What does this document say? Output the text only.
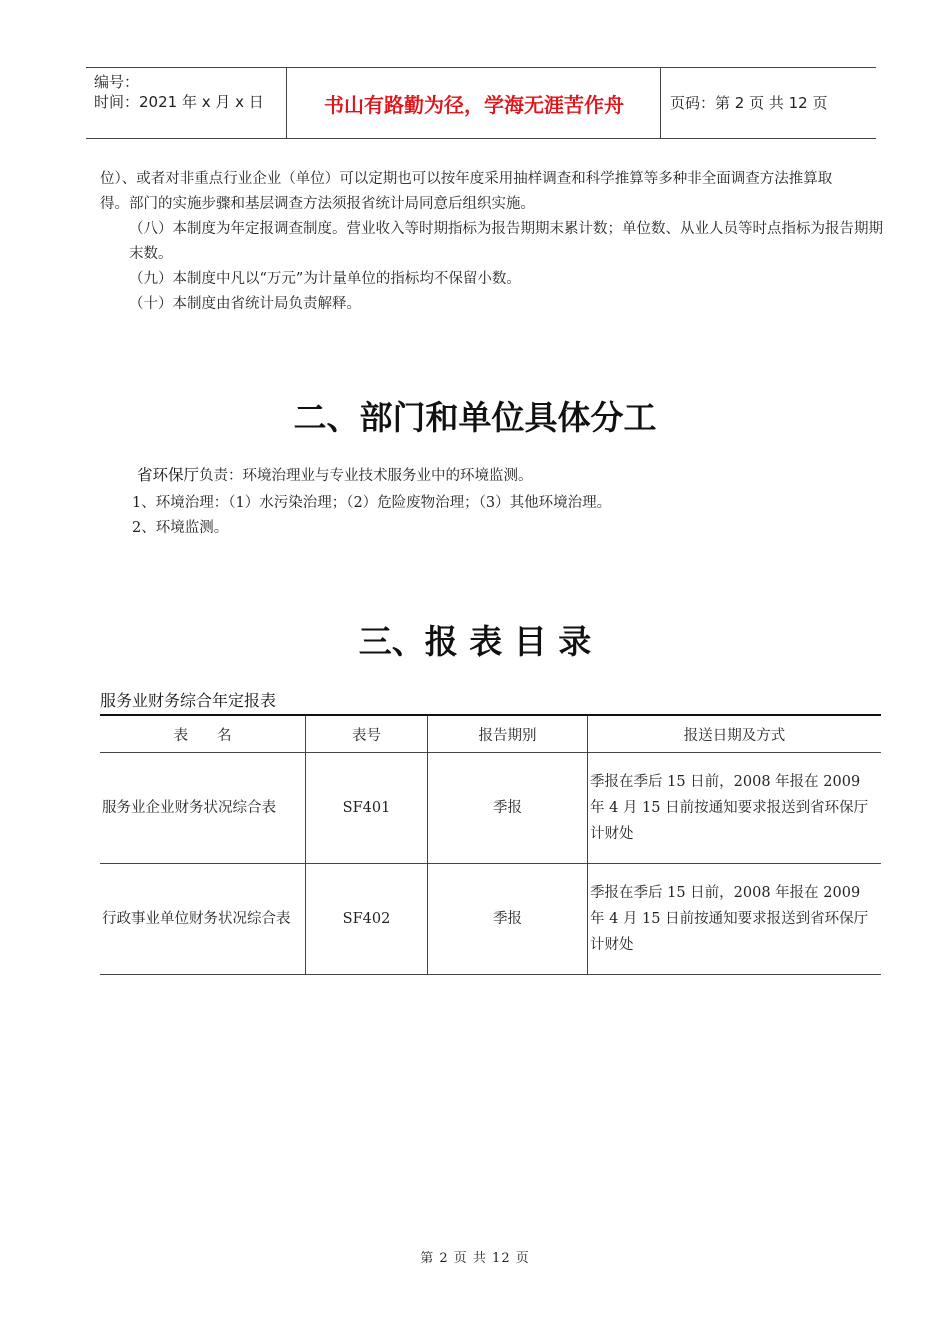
编号：
时间：2021 年 x 月 x 日	书山有路勤为径，学海无涯苦作舟	页码：第 2 页 共 12 页
位）、或者对非重点行业企业（单位）可以定期也可以按年度采用抽样调查和科学推算等多种非全面调查方法推算取得。部门的实施步骤和基层调查方法须报省统计局同意后组织实施。
（八）本制度为年定报调查制度。营业收入等时期指标为报告期期末累计数；单位数、从业人员等时点指标为报告期期末数。
（九）本制度中凡以“万元”为计量单位的指标均不保留小数。
（十）本制度由省统计局负责解释。
二、部门和单位具体分工
省环保厅负责：环境治理业与专业技术服务业中的环境监测。
1、环境治理：（1）水污染治理；（2）危险废物治理；（3）其他环境治理。
2、环境监测。
三、报 表 目 录
服务业财务综合年定报表
表　　名	表号	报告期别	报送日期及方式
服务业企业财务状况综合表	SF401	季报	季报在季后 15 日前，2008 年报在 2009 年 4 月 15 日前按通知要求报送到省环保厅计财处
行政事业单位财务状况综合表	SF402	季报	季报在季后 15 日前，2008 年报在 2009 年 4 月 15 日前按通知要求报送到省环保厅计财处
第 2 页 共 12 页
